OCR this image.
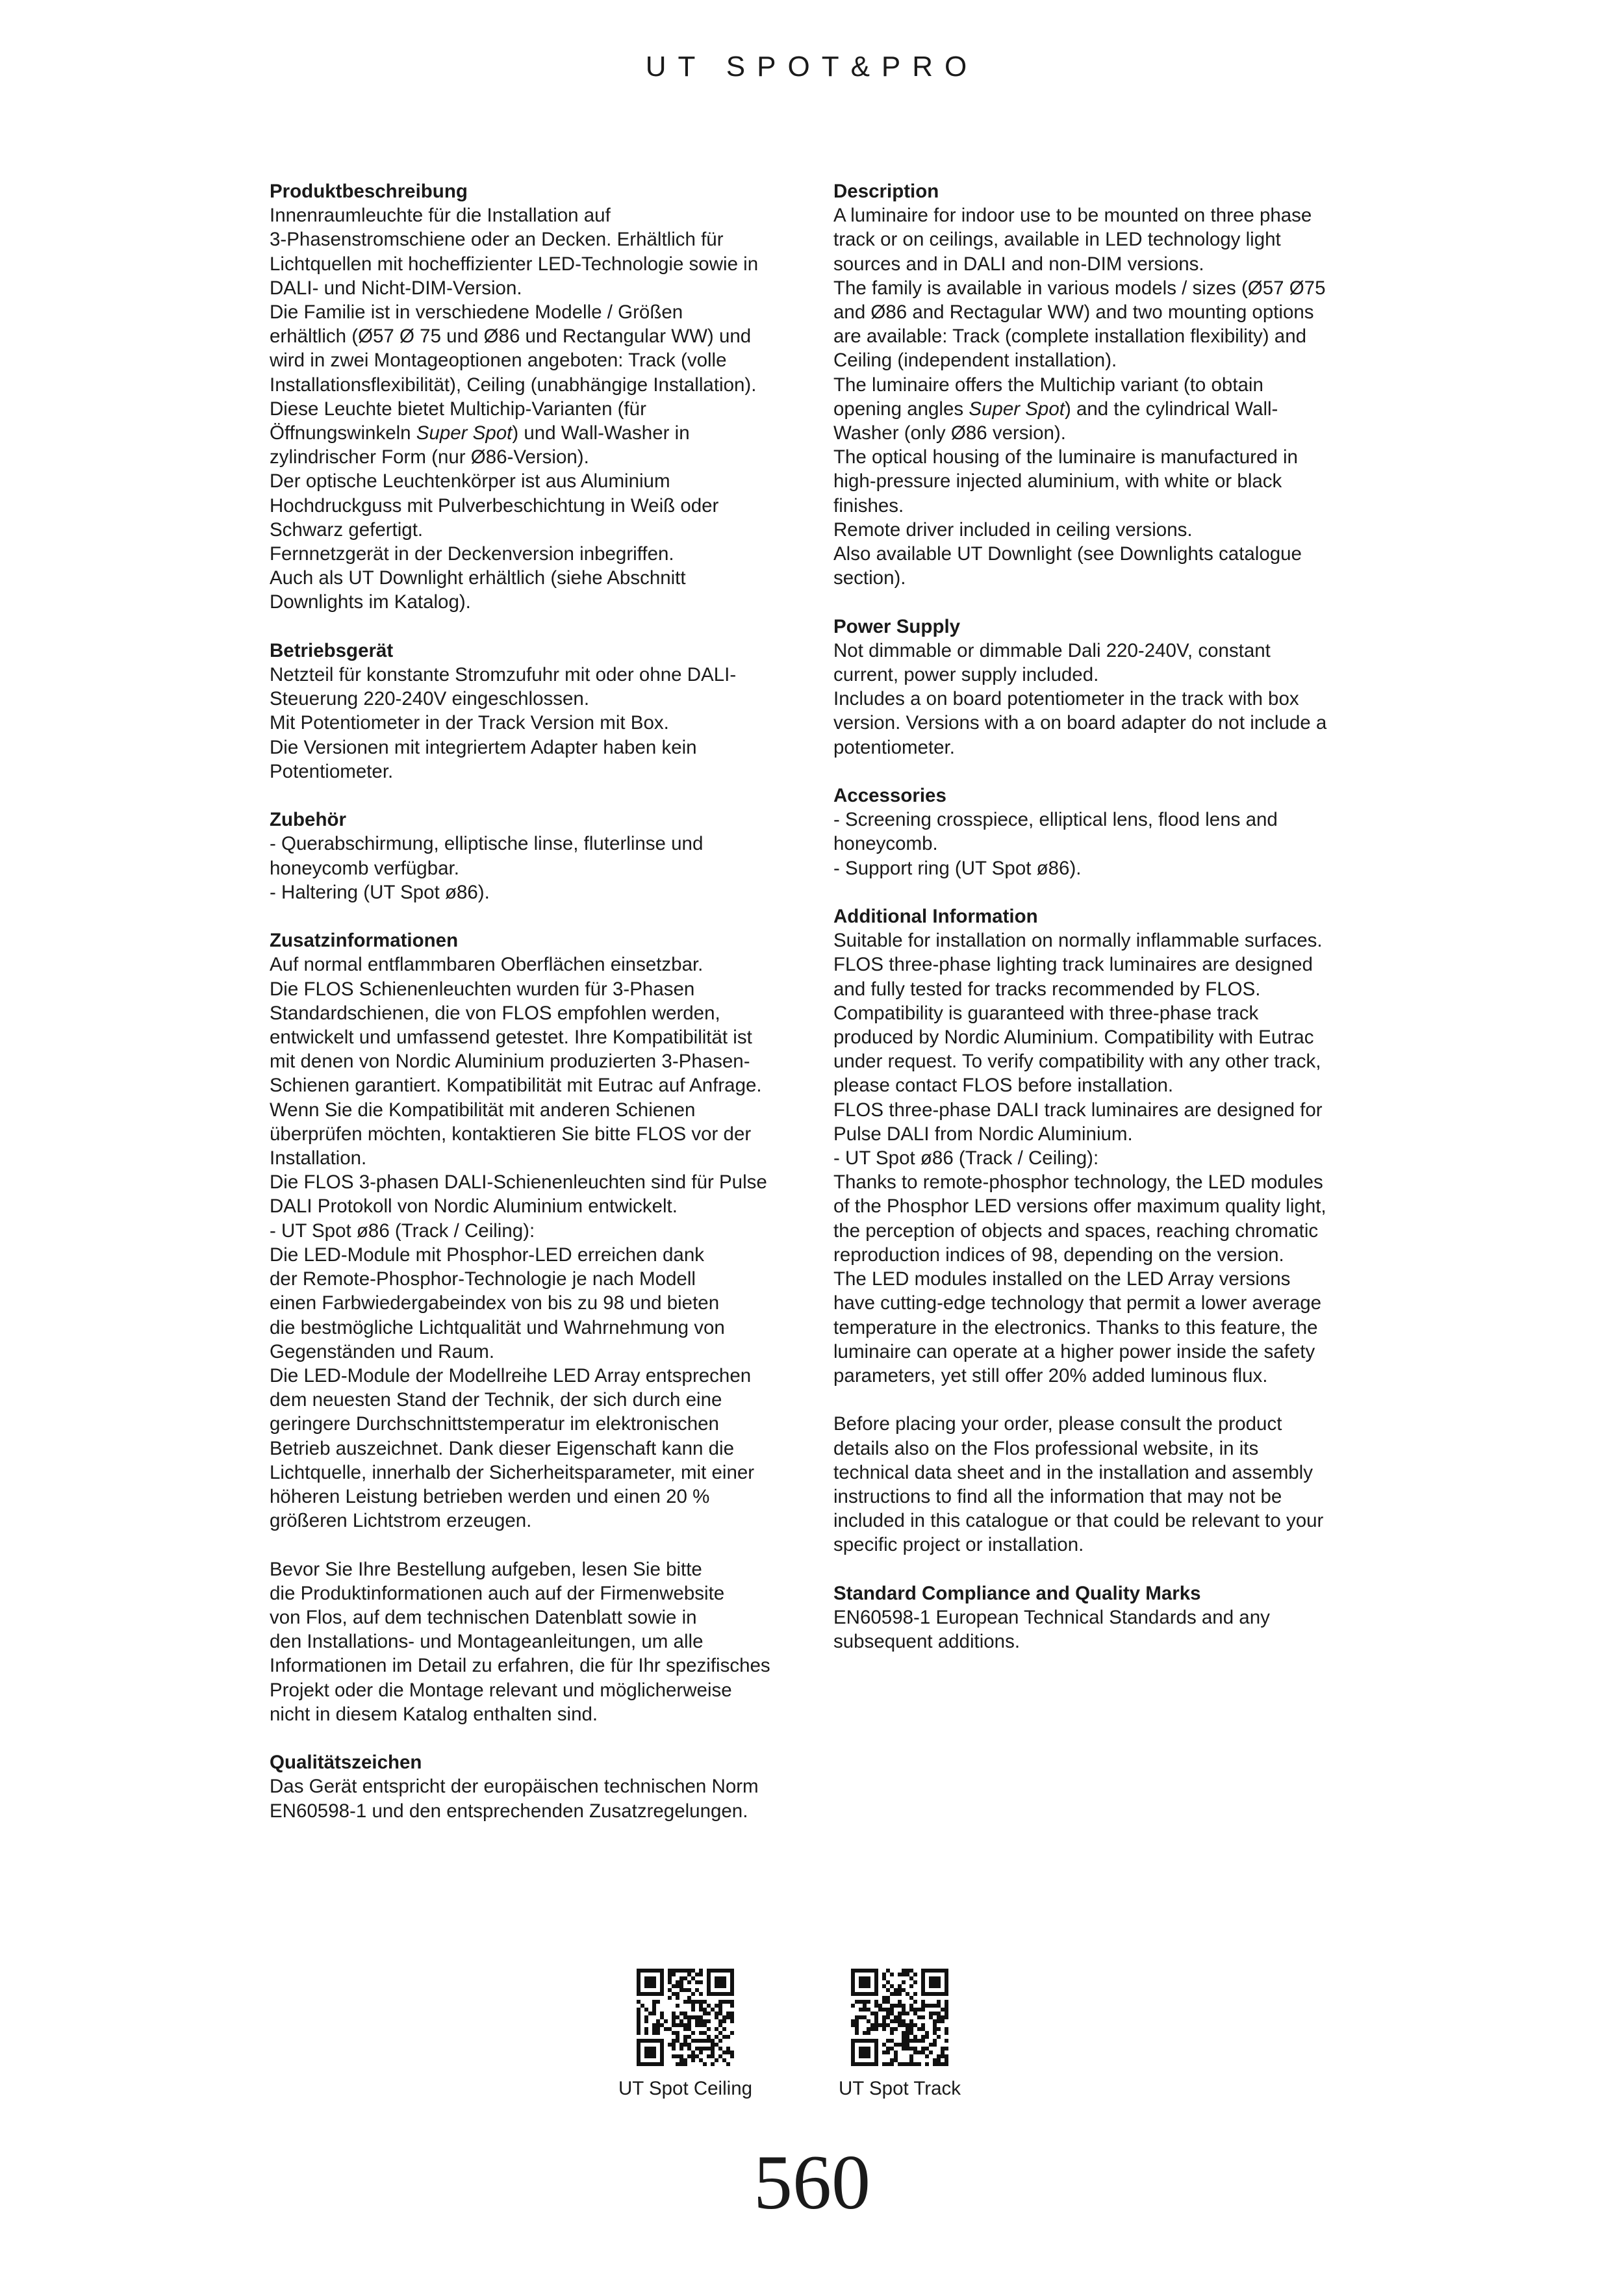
UT SPOT&PRO
Produktbeschreibung
Innenraumleuchte für die Installation auf
3-Phasenstromschiene oder an Decken. Erhältlich für
Lichtquellen mit hocheffizienter LED-Technologie sowie in
DALI- und Nicht-DIM-Version.
Die Familie ist in verschiedene Modelle / Größen
erhältlich (Ø57 Ø 75 und Ø86 und Rectangular WW) und
wird in zwei Montageoptionen angeboten: Track (volle
Installationsflexibilität), Ceiling (unabhängige Installation).
Diese Leuchte bietet Multichip-Varianten (für
Öffnungswinkeln Super Spot) und Wall-Washer in
zylindrischer Form (nur Ø86-Version).
Der optische Leuchtenkörper ist aus Aluminium
Hochdruckguss mit Pulverbeschichtung in Weiß oder
Schwarz gefertigt.
Fernnetzgerät in der Deckenversion inbegriffen.
Auch als UT Downlight erhältlich (siehe Abschnitt
Downlights im Katalog).
Betriebsgerät
Netzteil für konstante Stromzufuhr mit oder ohne DALI-
Steuerung 220-240V eingeschlossen.
Mit Potentiometer in der Track Version mit Box.
Die Versionen mit integriertem Adapter haben kein
Potentiometer.
Zubehör
- Querabschirmung, elliptische linse, fluterlinse und
honeycomb verfügbar.
- Haltering (UT Spot ø86).
Zusatzinformationen
Auf normal entflammbaren Oberflächen einsetzbar.
Die FLOS Schienenleuchten wurden für 3-Phasen
Standardschienen, die von FLOS empfohlen werden,
entwickelt und umfassend getestet. Ihre Kompatibilität ist
mit denen von Nordic Aluminium produzierten 3-Phasen-
Schienen garantiert. Kompatibilität mit Eutrac auf Anfrage.
Wenn Sie die Kompatibilität mit anderen Schienen
überprüfen möchten, kontaktieren Sie bitte FLOS vor der
Installation.
Die FLOS 3-phasen DALI-Schienenleuchten sind für Pulse
DALI Protokoll von Nordic Aluminium entwickelt.
- UT Spot ø86 (Track / Ceiling):
Die LED-Module mit Phosphor-LED erreichen dank
der Remote-Phosphor-Technologie je nach Modell
einen Farbwiedergabeindex von bis zu 98 und bieten
die bestmögliche Lichtqualität und Wahrnehmung von
Gegenständen und Raum.
Die LED-Module der Modellreihe LED Array entsprechen
dem neuesten Stand der Technik, der sich durch eine
geringere Durchschnittstemperatur im elektronischen
Betrieb auszeichnet. Dank dieser Eigenschaft kann die
Lichtquelle, innerhalb der Sicherheitsparameter, mit einer
höheren Leistung betrieben werden und einen 20 %
größeren Lichtstrom erzeugen.
Bevor Sie Ihre Bestellung aufgeben, lesen Sie bitte
die Produktinformationen auch auf der Firmenwebsite
von Flos, auf dem technischen Datenblatt sowie in
den Installations- und Montageanleitungen, um alle
Informationen im Detail zu erfahren, die für Ihr spezifisches
Projekt oder die Montage relevant und möglicherweise
nicht in diesem Katalog enthalten sind.
Qualitätszeichen
Das Gerät entspricht der europäischen technischen Norm
EN60598-1 und den entsprechenden Zusatzregelungen.
Description
A luminaire for indoor use to be mounted on three phase
track or on ceilings, available in LED technology light
sources and in DALI and non-DIM versions.
The family is available in various models / sizes (Ø57 Ø75
and Ø86 and Rectagular WW) and two mounting options
are available: Track (complete installation flexibility) and
Ceiling (independent installation).
The luminaire offers the Multichip variant (to obtain
opening angles Super Spot) and the cylindrical Wall-
Washer (only Ø86 version).
The optical housing of the luminaire is manufactured in
high-pressure injected aluminium, with white or black
finishes.
Remote driver included in ceiling versions.
Also available UT Downlight (see Downlights catalogue
section).
Power Supply
Not dimmable or dimmable Dali 220-240V, constant
current, power supply included.
Includes a on board potentiometer in the track with box
version. Versions with a on board adapter do not include a
potentiometer.
Accessories
- Screening crosspiece, elliptical lens, flood lens and
honeycomb.
- Support ring (UT Spot ø86).
Additional Information
Suitable for installation on normally inflammable surfaces.
FLOS three-phase lighting track luminaires are designed
and fully tested for tracks recommended by FLOS.
Compatibility is guaranteed with three-phase track
produced by Nordic Aluminium. Compatibility with Eutrac
under request. To verify compatibility with any other track,
please contact FLOS before installation.
FLOS three-phase DALI track luminaires are designed for
Pulse DALI from Nordic Aluminium.
- UT Spot ø86 (Track / Ceiling):
Thanks to remote-phosphor technology, the LED modules
of the Phosphor LED versions offer maximum quality light,
the perception of objects and spaces, reaching chromatic
reproduction indices of 98, depending on the version.
The LED modules installed on the LED Array versions
have cutting-edge technology that permit a lower average
temperature in the electronics. Thanks to this feature, the
luminaire can operate at a higher power inside the safety
parameters, yet still offer 20% added luminous flux.
Before placing your order, please consult the product
details also on the Flos professional website, in its
technical data sheet and in the installation and assembly
instructions to find all the information that may not be
included in this catalogue or that could be relevant to your
specific project or installation.
Standard Compliance and Quality Marks
EN60598-1 European Technical Standards and any
subsequent additions.
UT Spot Ceiling	UT Spot Track
560
